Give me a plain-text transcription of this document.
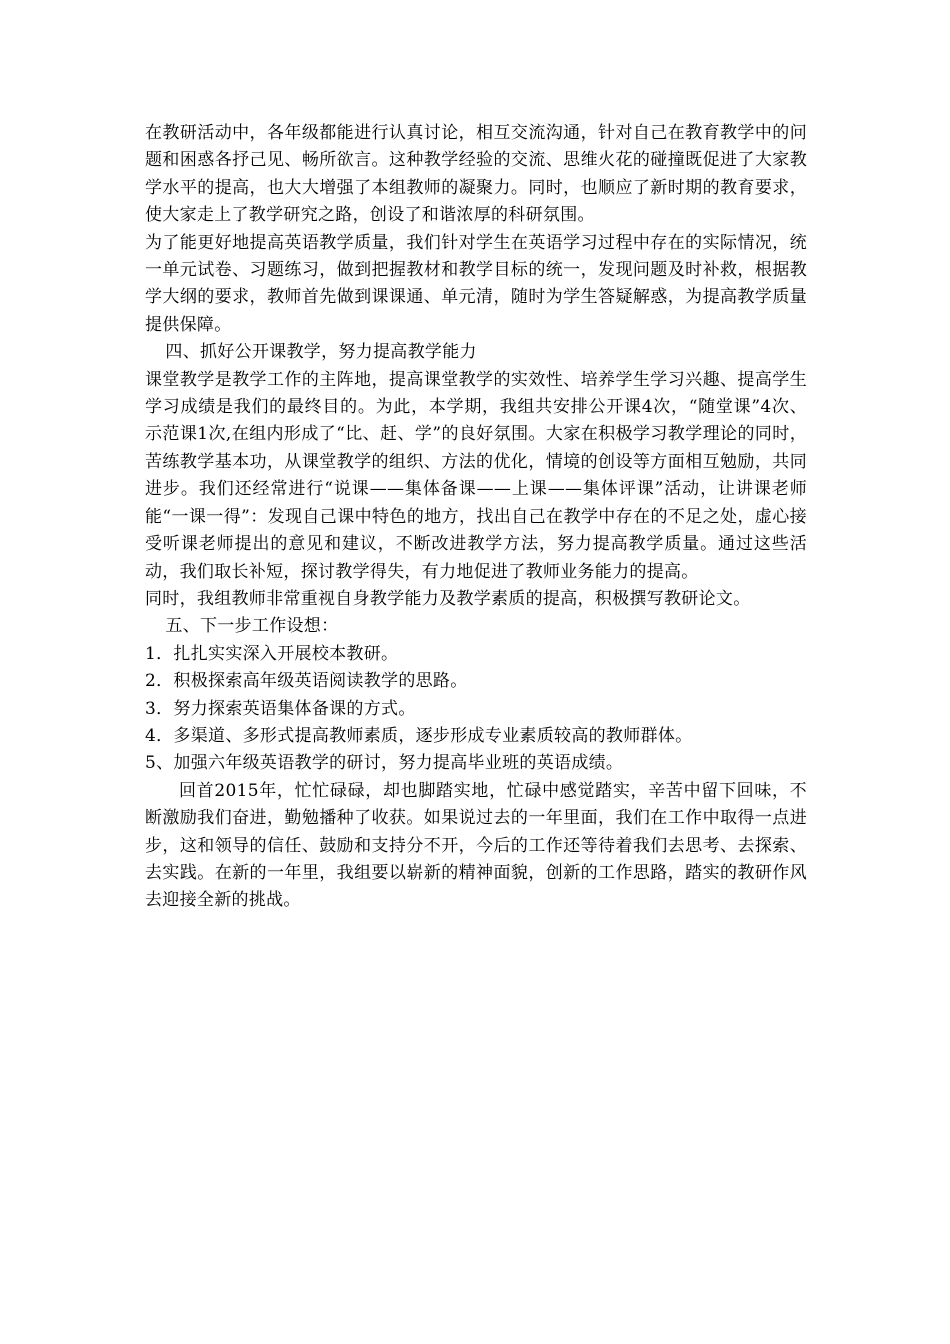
在教研活动中，各年级都能进行认真讨论，相互交流沟通，针对自己在教育教学中的问题和困惑各抒己见、畅所欲言。这种教学经验的交流、思维火花的碰撞既促进了大家教学水平的提高，也大大增强了本组教师的凝聚力。同时，也顺应了新时期的教育要求，使大家走上了教学研究之路，创设了和谐浓厚的科研氛围。

为了能更好地提高英语教学质量，我们针对学生在英语学习过程中存在的实际情况，统一单元试卷、习题练习，做到把握教材和教学目标的统一，发现问题及时补救，根据教学大纲的要求，教师首先做到课课通、单元清，随时为学生答疑解惑，为提高教学质量提供保障。

四、抓好公开课教学，努力提高教学能力

课堂教学是教学工作的主阵地，提高课堂教学的实效性、培养学生学习兴趣、提高学生学习成绩是我们的最终目的。为此，本学期，我组共安排公开课4次，“随堂课”4次、示范课1次,在组内形成了“比、赶、学”的良好氛围。大家在积极学习教学理论的同时，苦练教学基本功，从课堂教学的组织、方法的优化，情境的创设等方面相互勉励，共同进步。我们还经常进行“说课——集体备课——上课——集体评课”活动，让讲课老师能“一课一得”：发现自己课中特色的地方，找出自己在教学中存在的不足之处，虚心接受听课老师提出的意见和建议，不断改进教学方法，努力提高教学质量。通过这些活动，我们取长补短，探讨教学得失，有力地促进了教师业务能力的提高。

同时，我组教师非常重视自身教学能力及教学素质的提高，积极撰写教研论文。

五、下一步工作设想：

1．扎扎实实深入开展校本教研。

2．积极探索高年级英语阅读教学的思路。

3．努力探索英语集体备课的方式。

4．多渠道、多形式提高教师素质，逐步形成专业素质较高的教师群体。

5、加强六年级英语教学的研讨，努力提高毕业班的英语成绩。

回首2015年，忙忙碌碌，却也脚踏实地，忙碌中感觉踏实，辛苦中留下回味，不断激励我们奋进，勤勉播种了收获。如果说过去的一年里面，我们在工作中取得一点进步，这和领导的信任、鼓励和支持分不开，今后的工作还等待着我们去思考、去探索、去实践。在新的一年里，我组要以崭新的精神面貌，创新的工作思路，踏实的教研作风去迎接全新的挑战。
